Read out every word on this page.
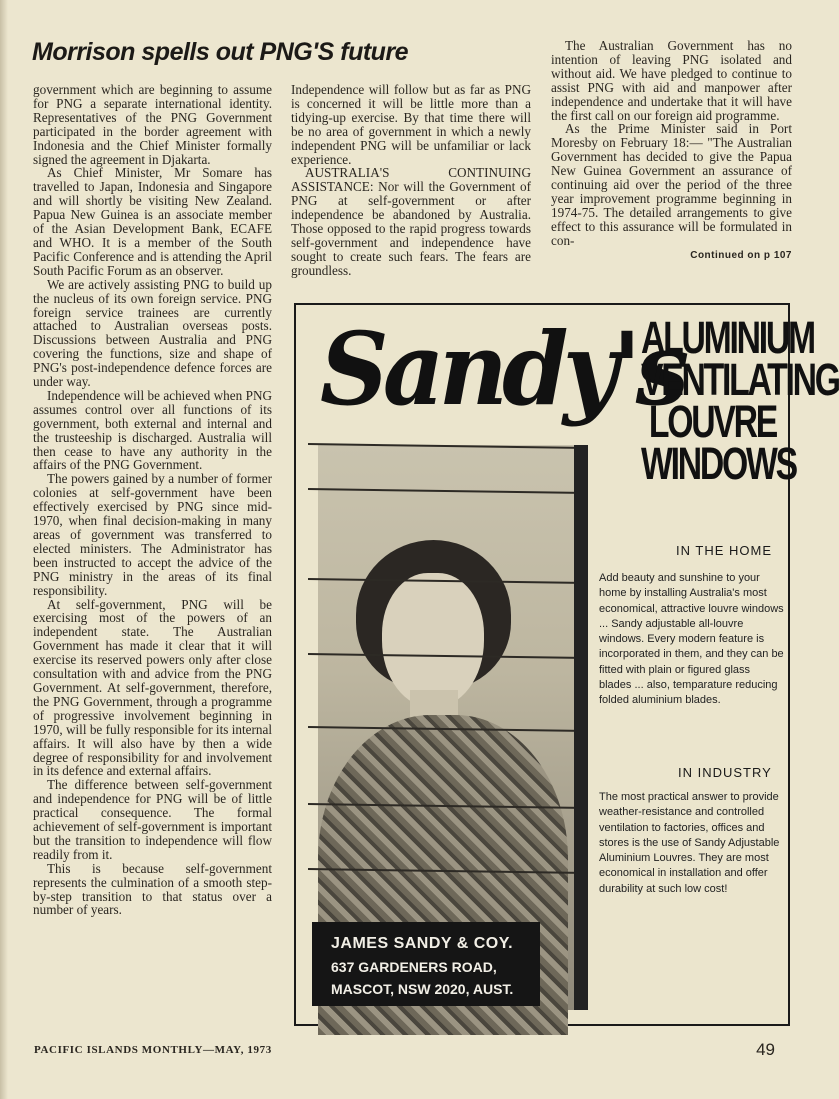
Morrison spells out PNG'S future

government which are beginning to assume for PNG a separate international identity. Representatives of the PNG Government participated in the border agreement with Indonesia and the Chief Minister formally signed the agreement in Djakarta.

As Chief Minister, Mr Somare has travelled to Japan, Indonesia and Singapore and will shortly be visiting New Zealand. Papua New Guinea is an associate member of the Asian Development Bank, ECAFE and WHO. It is a member of the South Pacific Conference and is attending the April South Pacific Forum as an observer.

We are actively assisting PNG to build up the nucleus of its own foreign service. PNG foreign service trainees are currently attached to Australian overseas posts. Discussions between Australia and PNG covering the functions, size and shape of PNG's post-independence defence forces are under way.

Independence will be achieved when PNG assumes control over all functions of its government, both external and internal and the trusteeship is discharged. Australia will then cease to have any authority in the affairs of the PNG Government.

The powers gained by a number of former colonies at self-government have been effectively exercised by PNG since mid-1970, when final decision-making in many areas of government was transferred to elected ministers. The Administrator has been instructed to accept the advice of the PNG ministry in the areas of its final responsibility.

At self-government, PNG will be exercising most of the powers of an independent state. The Australian Government has made it clear that it will exercise its reserved powers only after close consultation with and advice from the PNG Government. At self-government, therefore, the PNG Government, through a programme of progressive involvement beginning in 1970, will be fully responsible for its internal affairs. It will also have by then a wide degree of responsibility for and involvement in its defence and external affairs.

The difference between self-government and independence for PNG will be of little practical consequence. The formal achievement of self-government is important but the transition to independence will flow readily from it.

This is because self-government represents the culmination of a smooth step-by-step transition to that status over a number of years.

Independence will follow but as far as PNG is concerned it will be little more than a tidying-up exercise. By that time there will be no area of government in which a newly independent PNG will be unfamiliar or lack experience.

AUSTRALIA'S CONTINUING ASSISTANCE: Nor will the Government of PNG at self-government or after independence be abandoned by Australia. Those opposed to the rapid progress towards self-government and independence have sought to create such fears. The fears are groundless.

The Australian Government has no intention of leaving PNG isolated and without aid. We have pledged to continue to assist PNG with aid and manpower after independence and undertake that it will have the first call on our foreign aid programme.

As the Prime Minister said in Port Moresby on February 18:— "The Australian Government has decided to give the Papua New Guinea Government an assurance of continuing aid over the period of the three year improvement programme beginning in 1974-75. The detailed arrangements to give effect to this assurance will be formulated in con-

Continued on p 107
Sandy's
ALUMINIUM
VENTILATING
LOUVRE
WINDOWS
JAMES SANDY & COY.
637 GARDENERS ROAD,
MASCOT, NSW 2020, AUST.
IN THE HOME
Add beauty and sunshine to your home by installing Australia's most economical, attractive louvre windows ... Sandy adjustable all-louvre windows. Every modern feature is incorporated in them, and they can be fitted with plain or figured glass blades ... also, temparature reducing folded aluminium blades.
IN INDUSTRY
The most practical answer to provide weather-resistance and controlled ventilation to factories, offices and stores is the use of Sandy Adjustable Aluminium Louvres. They are most economical in installation and offer durability at such low cost!
PACIFIC ISLANDS MONTHLY—MAY, 1973	49
